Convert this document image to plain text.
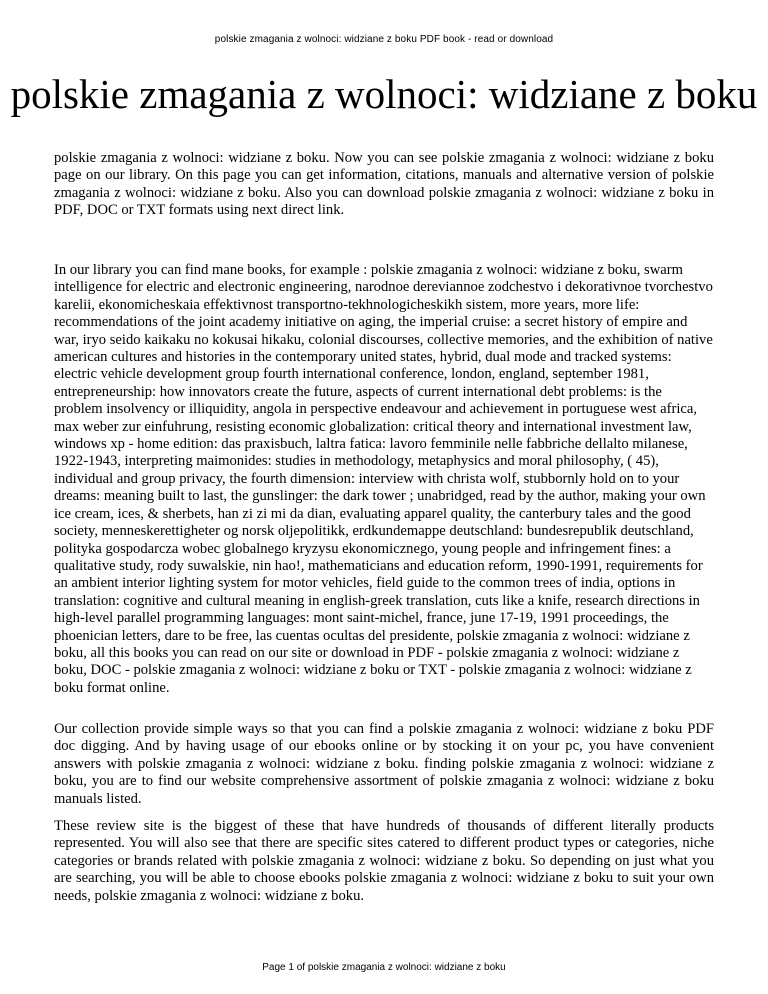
polskie zmagania z wolnoci: widziane z boku PDF book - read or download
polskie zmagania z wolnoci: widziane z boku

polskie zmagania z wolnoci: widziane z boku. Now you can see polskie zmagania z wolnoci: widziane z boku page on our library. On this page you can get information, citations, manuals and alternative version of polskie zmagania z wolnoci: widziane z boku. Also you can download polskie zmagania z wolnoci: widziane z boku in PDF, DOC or TXT formats using next direct link.

In our library you can find mane books, for example : polskie zmagania z wolnoci: widziane z boku, swarm intelligence for electric and electronic engineering, narodnoe dereviannoe zodchestvo i dekorativnoe tvorchestvo karelii, ekonomicheskaia effektivnost transportno-tekhnologicheskikh sistem, more years, more life: recommendations of the joint academy initiative on aging, the imperial cruise: a secret history of empire and war, iryo seido kaikaku no kokusai hikaku, colonial discourses, collective memories, and the exhibition of native american cultures and histories in the contemporary united states, hybrid, dual mode and tracked systems: electric vehicle development group fourth international conference, london, england, september 1981, entrepreneurship: how innovators create the future, aspects of current international debt problems: is the problem insolvency or illiquidity, angola in perspective endeavour and achievement in portuguese west africa, max weber zur einfuhrung, resisting economic globalization: critical theory and international investment law, windows xp - home edition: das praxisbuch, laltra fatica: lavoro femminile nelle fabbriche dellalto milanese, 1922-1943, interpreting maimonides: studies in methodology, metaphysics and moral philosophy, ( 45), individual and group privacy, the fourth dimension: interview with christa wolf, stubbornly hold on to your dreams: meaning built to last, the gunslinger: the dark tower ; unabridged, read by the author, making your own ice cream, ices, & sherbets, han zi zi mi da dian, evaluating apparel quality, the canterbury tales and the good society, menneskerettigheter og norsk oljepolitikk, erdkundemappe deutschland: bundesrepublik deutschland, polityka gospodarcza wobec globalnego kryzysu ekonomicznego, young people and infringement fines: a qualitative study, rody suwalskie, nin hao!, mathematicians and education reform, 1990-1991, requirements for an ambient interior lighting system for motor vehicles, field guide to the common trees of india, options in translation: cognitive and cultural meaning in english-greek translation, cuts like a knife, research directions in high-level parallel programming languages: mont saint-michel, france, june 17-19, 1991 proceedings, the phoenician letters, dare to be free, las cuentas ocultas del presidente, polskie zmagania z wolnoci: widziane z boku, all this books you can read on our site or download in PDF - polskie zmagania z wolnoci: widziane z boku, DOC - polskie zmagania z wolnoci: widziane z boku or TXT - polskie zmagania z wolnoci: widziane z boku format online.

Our collection provide simple ways so that you can find a polskie zmagania z wolnoci: widziane z boku PDF doc digging. And by having usage of our ebooks online or by stocking it on your pc, you have convenient answers with polskie zmagania z wolnoci: widziane z boku. finding polskie zmagania z wolnoci: widziane z boku, you are to find our website comprehensive assortment of polskie zmagania z wolnoci: widziane z boku manuals listed.

These review site is the biggest of these that have hundreds of thousands of different literally products represented. You will also see that there are specific sites catered to different product types or categories, niche categories or brands related with polskie zmagania z wolnoci: widziane z boku. So depending on just what you are searching, you will be able to choose ebooks polskie zmagania z wolnoci: widziane z boku to suit your own needs, polskie zmagania z wolnoci: widziane z boku.

Page 1 of polskie zmagania z wolnoci: widziane z boku
